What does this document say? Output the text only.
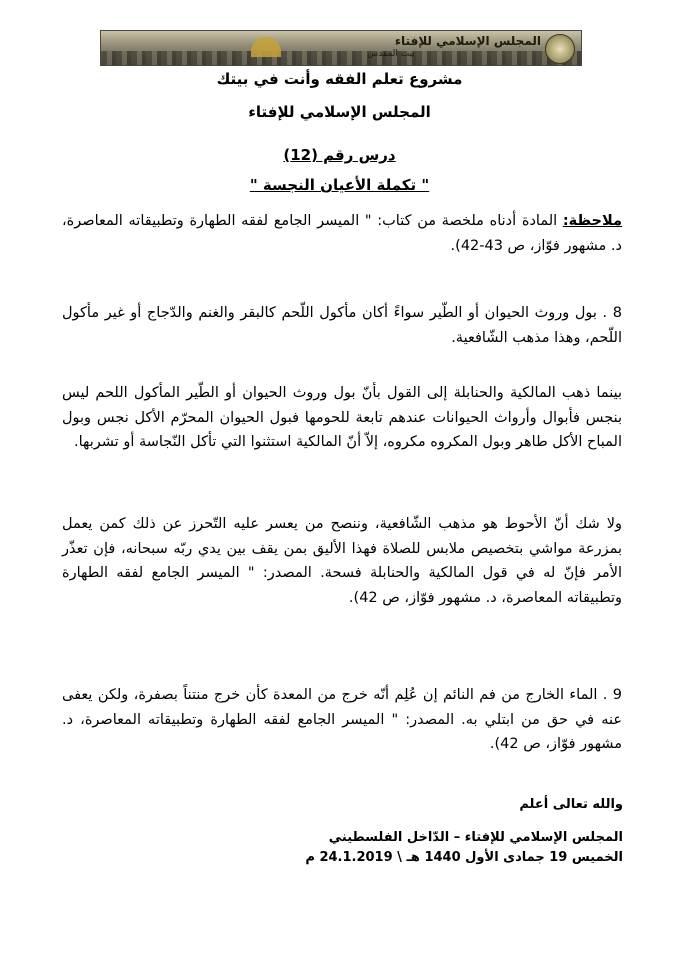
المجلس الإسلامي للإفتاء
بيت المقدس
مشروع تعلم الفقه وأنت في بيتك
المجلس الإسلامي للإفتاء
درس رقم (12)
" تكملة الأعيان النجسة "
ملاحظة: المادة أدناه ملخصة من كتاب: " الميسر الجامع لفقه الطهارة وتطبيقاته المعاصرة، د. مشهور فوّاز، ص 43-42).
8 . بول وروث الحيوان أو الطّير سواءً أكان مأكول اللّحم كالبقر والغنم والدّجاج أو غير مأكول اللّحم، وهذا مذهب الشّافعية.
بينما ذهب المالكية والحنابلة إلى القول بأنّ بول وروث الحيوان أو الطّير المأكول اللحم ليس بنجس فأبوال وأرواث الحيوانات عندهم تابعة للحومها فبول الحيوان المحرّم الأكل نجس وبول المباح الأكل طاهر وبول المكروه مكروه، إلاّ أنّ المالكية استثنوا التي تأكل النّجاسة أو تشربها.
ولا شك أنّ الأحوط هو مذهب الشّافعية، وننصح من يعسر عليه التّحرز عن ذلك كمن يعمل بمزرعة مواشي بتخصيص ملابس للصلاة فهذا الأليق بمن يقف بين يدي ربّه سبحانه، فإن تعذّر الأمر فإنّ له في قول المالكية والحنابلة فسحة. المصدر: " الميسر الجامع لفقه الطهارة وتطبيقاته المعاصرة، د. مشهور فوّاز، ص 42).
9 . الماء الخارج من فم النائم إن عُلِم أنّه خرج من المعدة كأن خرج منتناً بصفرة، ولكن يعفى عنه في حق من ابتلي به. المصدر: " الميسر الجامع لفقه الطهارة وتطبيقاته المعاصرة، د. مشهور فوّاز، ص 42).
والله تعالى أعلم
المجلس الإسلامي للإفتاء – الدّاخل الفلسطيني
الخميس 19 جمادى الأول 1440 هـ \ 24.1.2019 م
